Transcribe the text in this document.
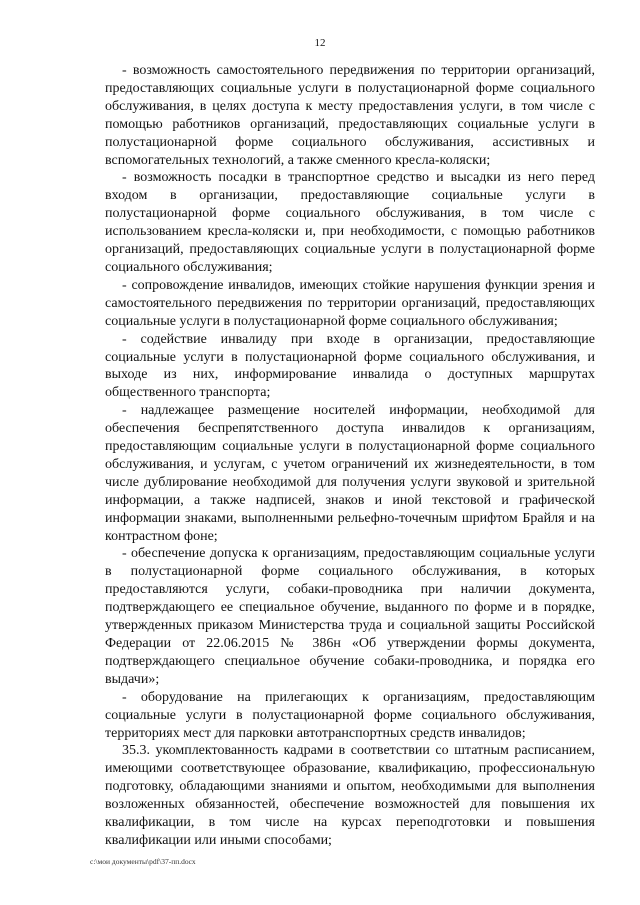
12

- возможность самостоятельного передвижения по территории организаций, предоставляющих социальные услуги в полустационарной форме социального обслуживания, в целях доступа к месту предоставления услуги, в том числе с помощью работников организаций, предоставляющих социальные услуги в полустационарной форме социального обслуживания, ассистивных и вспомогательных технологий, а также сменного кресла-коляски;

- возможность посадки в транспортное средство и высадки из него перед входом в организации, предоставляющие социальные услуги в полустационарной форме социального обслуживания, в том числе с использованием кресла-коляски и, при необходимости, с помощью работников организаций, предоставляющих социальные услуги в полустационарной форме социального обслуживания;

- сопровождение инвалидов, имеющих стойкие нарушения функции зрения и самостоятельного передвижения по территории организаций, предоставляющих социальные услуги в полустационарной форме социального обслуживания;

- содействие инвалиду при входе в организации, предоставляющие социальные услуги в полустационарной форме социального обслуживания, и выходе из них, информирование инвалида о доступных маршрутах общественного транспорта;

- надлежащее размещение носителей информации, необходимой для обеспечения беспрепятственного доступа инвалидов к организациям, предоставляющим социальные услуги в полустационарной форме социального обслуживания, и услугам, с учетом ограничений их жизнедеятельности, в том числе дублирование необходимой для получения услуги звуковой и зрительной информации, а также надписей, знаков и иной текстовой и графической информации знаками, выполненными рельефно-точечным шрифтом Брайля и на контрастном фоне;

- обеспечение допуска к организациям, предоставляющим социальные услуги в полустационарной форме социального обслуживания, в которых предоставляются услуги, собаки-проводника при наличии документа, подтверждающего ее специальное обучение, выданного по форме и в порядке, утвержденных приказом Министерства труда и социальной защиты Российской Федерации от 22.06.2015 № 386н «Об утверждении формы документа, подтверждающего специальное обучение собаки-проводника, и порядка его выдачи»;

- оборудование на прилегающих к организациям, предоставляющим социальные услуги в полустационарной форме социального обслуживания, территориях мест для парковки автотранспортных средств инвалидов;

35.3. укомплектованность кадрами в соответствии со штатным расписанием, имеющими соответствующее образование, квалификацию, профессиональную подготовку, обладающими знаниями и опытом, необходимыми для выполнения возложенных обязанностей, обеспечение возможностей для повышения их квалификации, в том числе на курсах переподготовки и повышения квалификации или иными способами;

c:\мои документы\pdf\37-пп.docx
